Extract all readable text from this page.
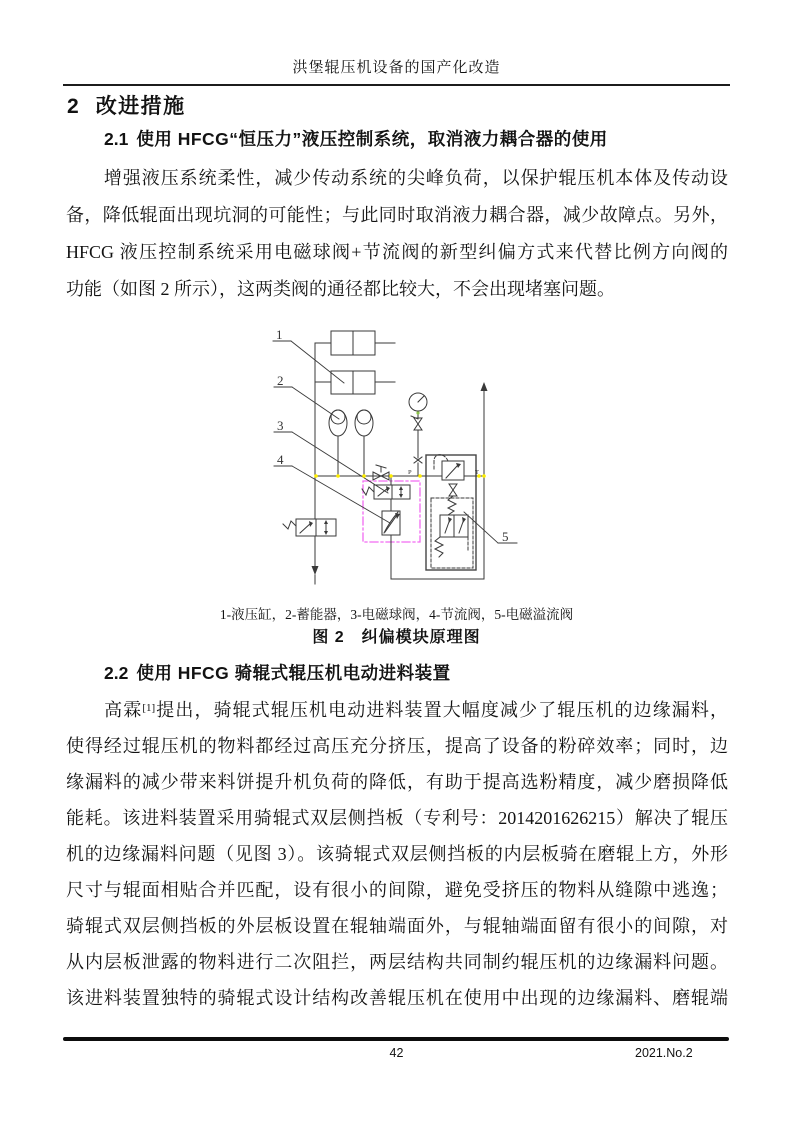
洪堡辊压机设备的国产化改造
2 改进措施
2.1 使用 HFCG“恒压力”液压控制系统，取消液力耦合器的使用
　　增强液压系统柔性，减少传动系统的尖峰负荷，以保护辊压机本体及传动设
备，降低辊面出现坑洞的可能性；与此同时取消液力耦合器，减少故障点。另外，
HFCG 液压控制系统采用电磁球阀+节流阀的新型纠偏方式来代替比例方向阀的
功能（如图 2 所示），这两类阀的通径都比较大，不会出现堵塞问题。
1
2
3
4
5
P	T
1-液压缸，2-蓄能器，3-电磁球阀，4-节流阀，5-电磁溢流阀
图 2　纠偏模块原理图
2.2 使用 HFCG 骑辊式辊压机电动进料装置
　　高霖[1]提出，骑辊式辊压机电动进料装置大幅度减少了辊压机的边缘漏料，
使得经过辊压机的物料都经过高压充分挤压，提高了设备的粉碎效率；同时，边
缘漏料的减少带来料饼提升机负荷的降低，有助于提高选粉精度，减少磨损降低
能耗。该进料装置采用骑辊式双层侧挡板（专利号：2014201626215）解决了辊压
机的边缘漏料问题（见图 3）。该骑辊式双层侧挡板的内层板骑在磨辊上方，外形
尺寸与辊面相贴合并匹配，设有很小的间隙，避免受挤压的物料从缝隙中逃逸；
骑辊式双层侧挡板的外层板设置在辊轴端面外，与辊轴端面留有很小的间隙，对
从内层板泄露的物料进行二次阻拦，两层结构共同制约辊压机的边缘漏料问题。
该进料装置独特的骑辊式设计结构改善辊压机在使用中出现的边缘漏料、磨辊端
42	2021.No.2
